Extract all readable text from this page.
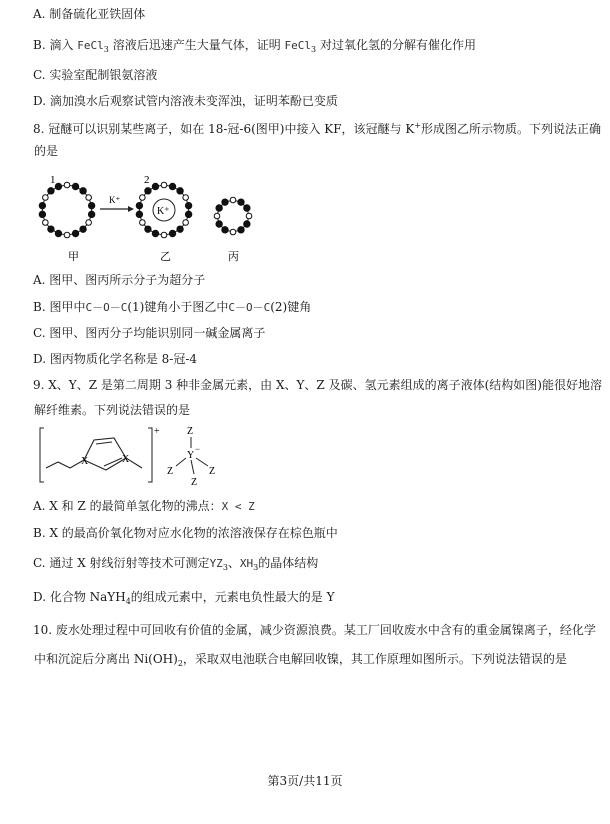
A. 制备硫化亚铁固体
B. 滴入 FeCl$_3$ 溶液后迅速产生大量气体，证明 FeCl$_3$ 对过氧化氢的分解有催化作用
C. 实验室配制银氨溶液
D. 滴加溴水后观察试管内溶液未变浑浊，证明苯酚已变质
8. 冠醚可以识别某些离子，如在 18-冠-6(图甲)中接入 KF，该冠醚与 K+形成图乙所示物质。下列说法正确
的是
1
K⁺
2
K⁺
甲	乙	丙
A. 图甲、图丙所示分子为超分子
B. 图甲中C－O－C(1)键角小于图乙中C－O－C(2)键角
C. 图甲、图丙分子均能识别同一碱金属离子
D. 图丙物质化学名称是 8-冠-4
9. X、Y、Z 是第二周期 3 种非金属元素，由 X、Y、Z 及碳、氢元素组成的离子液体(结构如图)能很好地溶
解纤维素。下列说法错误的是
X	X
+	Z
Y
−
Z	Z
Z
A. X 和 Z 的最简单氢化物的沸点：X < Z
B. X 的最高价氧化物对应水化物的浓溶液保存在棕色瓶中
C. 通过 X 射线衍射等技术可测定$YZ_3$、$XH_3$的晶体结构
D. 化合物 NaYH$_4$的组成元素中，元素电负性最大的是 Y
10. 废水处理过程中可回收有价值的金属，减少资源浪费。某工厂回收废水中含有的重金属镍离子，经化学
中和沉淀后分离出 $Ni(OH)_2$，采取双电池联合电解回收镍，其工作原理如图所示。下列说法错误的是
第3页/共11页
